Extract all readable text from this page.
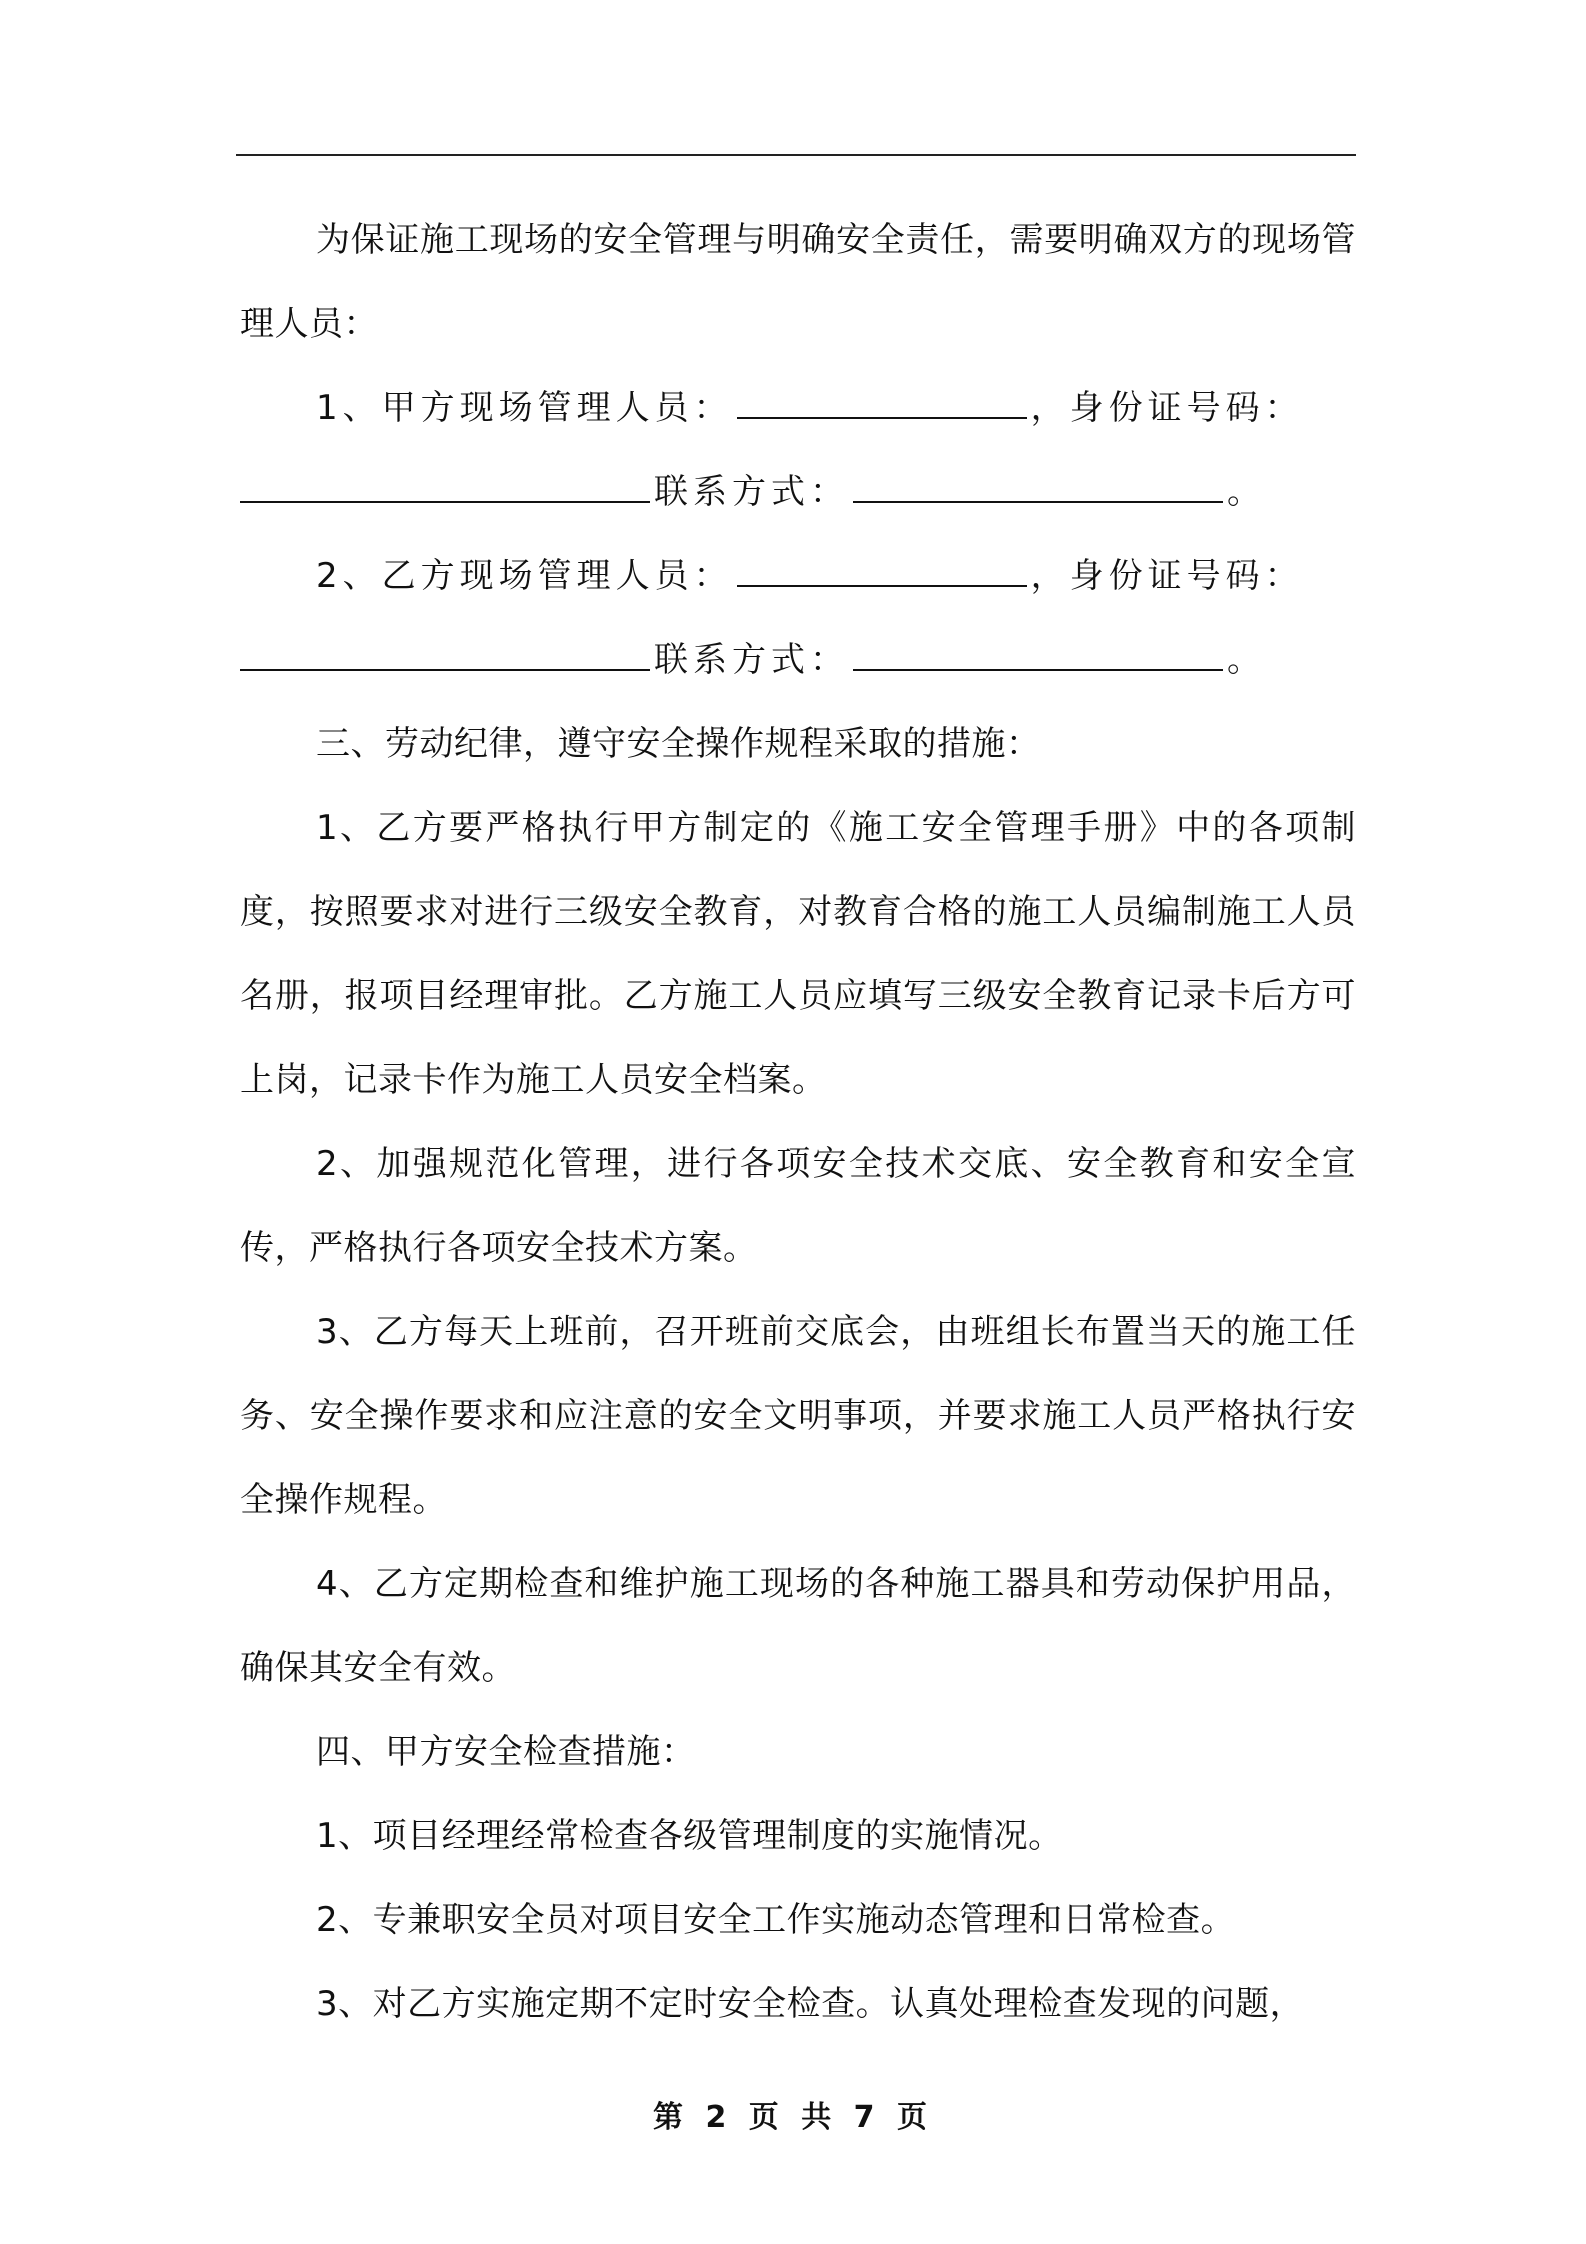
为保证施工现场的安全管理与明确安全责任，需要明确双方的现场管理人员：

1、甲方现场管理人员：	，身份证号码：

联系方式：	。

2、乙方现场管理人员：	，身份证号码：

联系方式：	。

三、劳动纪律，遵守安全操作规程采取的措施：

1、乙方要严格执行甲方制定的《施工安全管理手册》中的各项制度，按照要求对进行三级安全教育，对教育合格的施工人员编制施工人员名册，报项目经理审批。乙方施工人员应填写三级安全教育记录卡后方可上岗，记录卡作为施工人员安全档案。

2、加强规范化管理，进行各项安全技术交底、安全教育和安全宣传，严格执行各项安全技术方案。

3、乙方每天上班前，召开班前交底会，由班组长布置当天的施工任务、安全操作要求和应注意的安全文明事项，并要求施工人员严格执行安全操作规程。

4、乙方定期检查和维护施工现场的各种施工器具和劳动保护用品，确保其安全有效。

四、甲方安全检查措施：

1、项目经理经常检查各级管理制度的实施情况。

2、专兼职安全员对项目安全工作实施动态管理和日常检查。

3、对乙方实施定期不定时安全检查。认真处理检查发现的问题，

第 2 页 共 7 页
